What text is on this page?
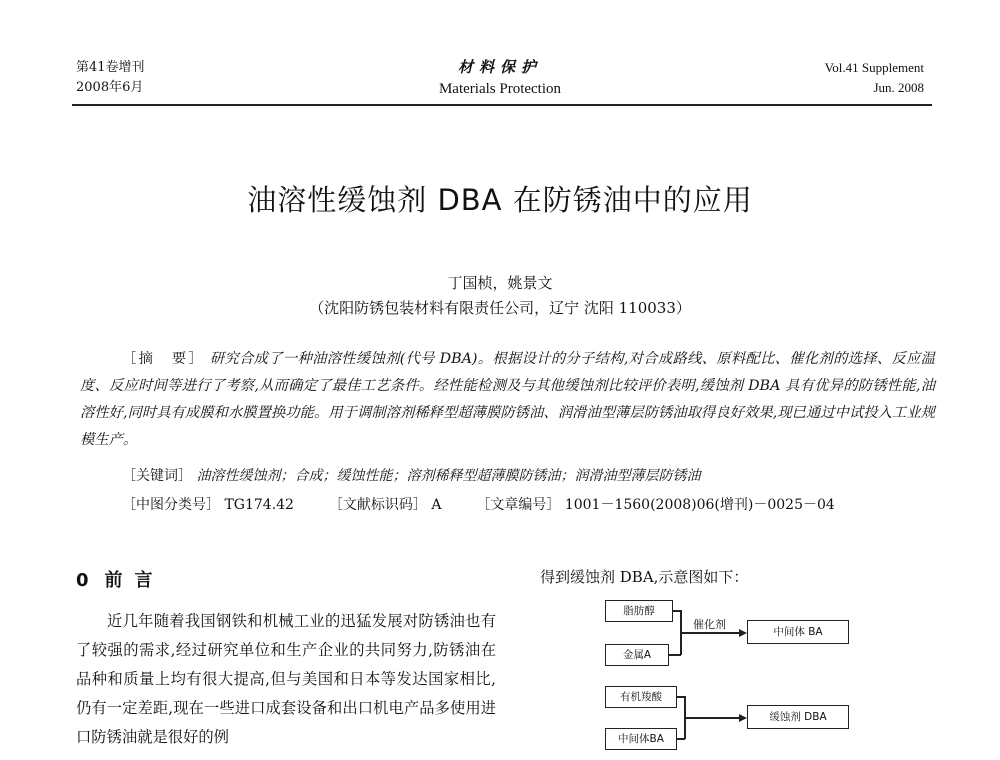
第41卷增刊
2008年6月
材料保护
Materials Protection
Vol.41 Supplement
Jun. 2008
油溶性缓蚀剂 DBA 在防锈油中的应用
丁国桢，姚景文
（沈阳防锈包装材料有限责任公司，辽宁 沈阳 110033）
［摘　要］ 研究合成了一种油溶性缓蚀剂(代号 DBA)。根据设计的分子结构,对合成路线、原料配比、催化剂的选择、反应温度、反应时间等进行了考察,从而确定了最佳工艺条件。经性能检测及与其他缓蚀剂比较评价表明,缓蚀剂 DBA 具有优异的防锈性能,油溶性好,同时具有成膜和水膜置换功能。用于调制溶剂稀释型超薄膜防锈油、润滑油型薄层防锈油取得良好效果,现已通过中试投入工业规模生产。
［关键词］ 油溶性缓蚀剂；合成；缓蚀性能；溶剂稀释型超薄膜防锈油；润滑油型薄层防锈油
［中图分类号］ TG174.42 ［文献标识码］ A ［文章编号］ 1001－1560(2008)06(增刊)－0025－04
0 前言
近几年随着我国钢铁和机械工业的迅猛发展对防锈油也有了较强的需求,经过研究单位和生产企业的共同努力,防锈油在品种和质量上均有很大提高,但与美国和日本等发达国家相比,仍有一定差距,现在一些进口成套设备和出口机电产品多使用进口防锈油就是很好的例
得到缓蚀剂 DBA,示意图如下：
脂肪醇
金属A
催化剂
中间体 BA
有机羧酸
中间体BA
缓蚀剂 DBA
